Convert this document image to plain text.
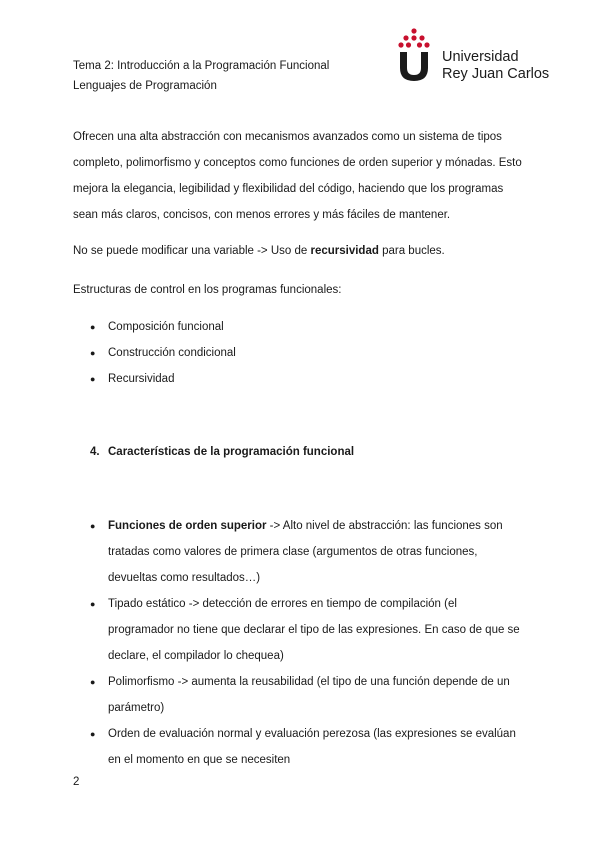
Tema 2: Introducción a la Programación Funcional
Lenguajes de Programación
Universidad
Rey Juan Carlos

Ofrecen una alta abstracción con mecanismos avanzados como un sistema de tipos completo, polimorfismo y conceptos como funciones de orden superior y mónadas. Esto mejora la elegancia, legibilidad y flexibilidad del código, haciendo que los programas sean más claros, concisos, con menos errores y más fáciles de mantener.

No se puede modificar una variable -> Uso de recursividad para bucles.

Estructuras de control en los programas funcionales:

● Composición funcional
● Construcción condicional
● Recursividad
4. Características de la programación funcional
● Funciones de orden superior -> Alto nivel de abstracción: las funciones son tratadas como valores de primera clase (argumentos de otras funciones, devueltas como resultados…)
● Tipado estático -> detección de errores en tiempo de compilación (el programador no tiene que declarar el tipo de las expresiones. En caso de que se declare, el compilador lo chequea)
● Polimorfismo -> aumenta la reusabilidad (el tipo de una función depende de un parámetro)
● Orden de evaluación normal y evaluación perezosa (las expresiones se evalúan en el momento en que se necesiten
2
